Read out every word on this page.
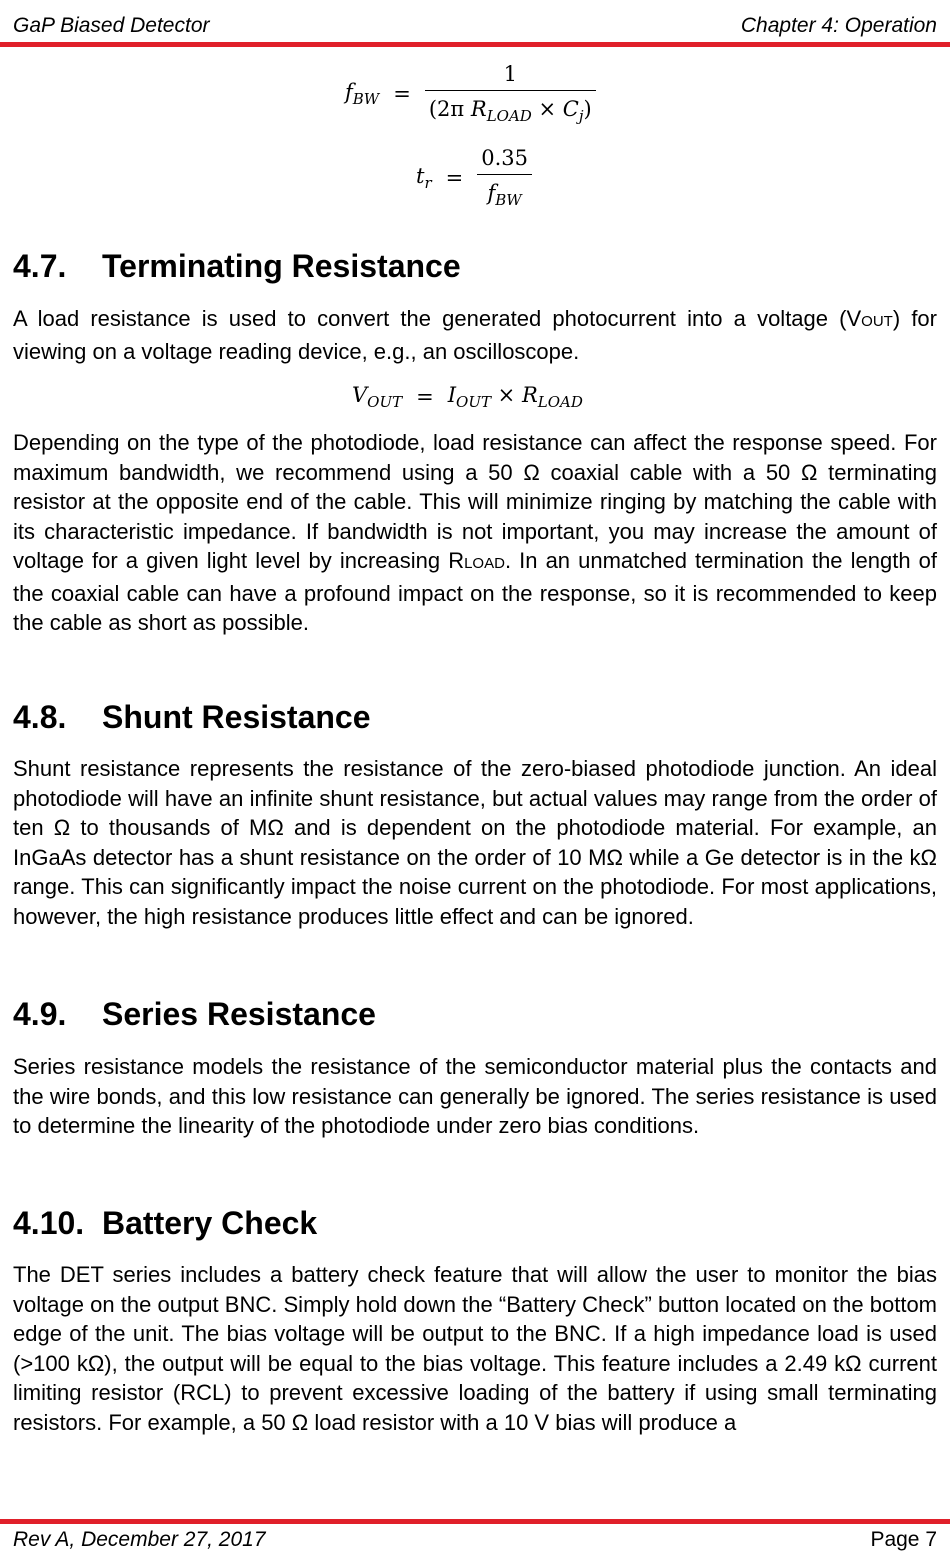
GaP Biased Detector	Chapter 4: Operation
$f_{BW} = \frac{1}{(2\pi R_{LOAD} \times C_j)}$
$t_r = \frac{0.35}{f_{BW}}$
4.7. Terminating Resistance

A load resistance is used to convert the generated photocurrent into a voltage (VOUT) for viewing on a voltage reading device, e.g., an oscilloscope.

$V_{OUT} = I_{OUT} \times R_{LOAD}$

Depending on the type of the photodiode, load resistance can affect the response speed. For maximum bandwidth, we recommend using a 50 Ω coaxial cable with a 50 Ω terminating resistor at the opposite end of the cable. This will minimize ringing by matching the cable with its characteristic impedance. If bandwidth is not important, you may increase the amount of voltage for a given light level by increasing RLOAD. In an unmatched termination the length of the coaxial cable can have a profound impact on the response, so it is recommended to keep the cable as short as possible.

4.8. Shunt Resistance

Shunt resistance represents the resistance of the zero-biased photodiode junction. An ideal photodiode will have an infinite shunt resistance, but actual values may range from the order of ten Ω to thousands of MΩ and is dependent on the photodiode material. For example, an InGaAs detector has a shunt resistance on the order of 10 MΩ while a Ge detector is in the kΩ range. This can significantly impact the noise current on the photodiode. For most applications, however, the high resistance produces little effect and can be ignored.

4.9. Series Resistance

Series resistance models the resistance of the semiconductor material plus the contacts and the wire bonds, and this low resistance can generally be ignored. The series resistance is used to determine the linearity of the photodiode under zero bias conditions.

4.10. Battery Check

The DET series includes a battery check feature that will allow the user to monitor the bias voltage on the output BNC. Simply hold down the “Battery Check” button located on the bottom edge of the unit. The bias voltage will be output to the BNC. If a high impedance load is used (>100 kΩ), the output will be equal to the bias voltage. This feature includes a 2.49 kΩ current limiting resistor (RCL) to prevent excessive loading of the battery if using small terminating resistors. For example, a 50 Ω load resistor with a 10 V bias will produce a

Rev A, December 27, 2017	Page 7
